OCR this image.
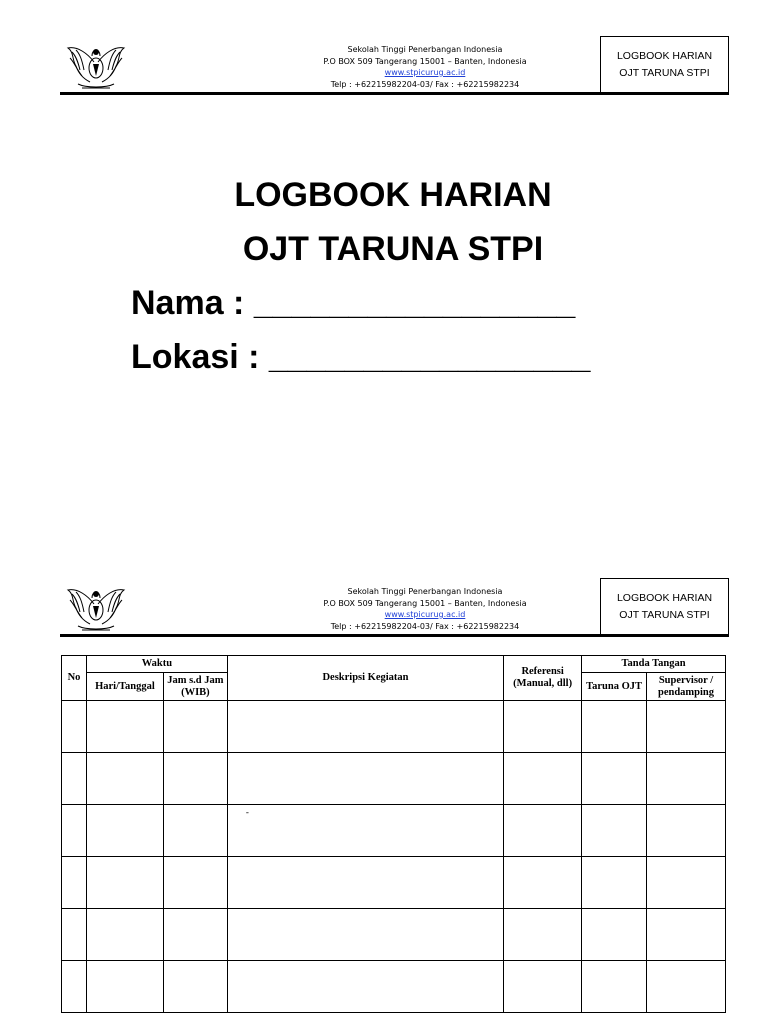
Sekolah Tinggi Penerbangan Indonesia
P.O BOX 509 Tangerang 15001 – Banten, Indonesia
www.stpicurug.ac.id
Telp : +62215982204-03/ Fax : +62215982234
LOGBOOK HARIAN
OJT TARUNA STPI
LOGBOOK HARIAN
OJT TARUNA STPI
Nama : _________________
Lokasi : _________________
Sekolah Tinggi Penerbangan Indonesia
P.O BOX 509 Tangerang 15001 – Banten, Indonesia
www.stpicurug.ac.id
Telp : +62215982204-03/ Fax : +62215982234
LOGBOOK HARIAN
OJT TARUNA STPI
No	Waktu		Deskripsi Kegiatan	Referensi (Manual, dll)	Tanda Tangan	
	Hari/Tanggal	Jam s.d Jam (WIB)			Taruna OJT	Supervisor / pendamping

			-			
